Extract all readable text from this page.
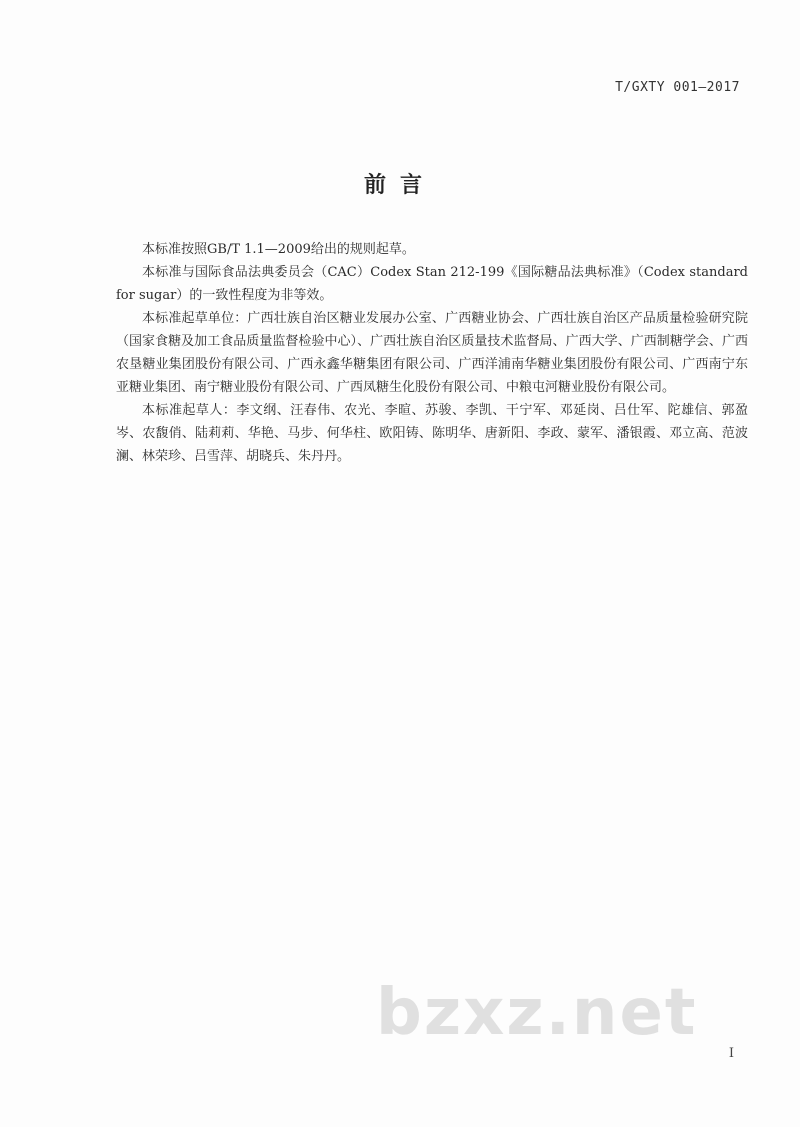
T/GXTY 001—2017
前言

本标准按照GB/T 1.1—2009给出的规则起草。

本标准与国际食品法典委员会（CAC）Codex Stan 212-199《国际糖品法典标准》（Codex standard for sugar）的一致性程度为非等效。

本标准起草单位：广西壮族自治区糖业发展办公室、广西糖业协会、广西壮族自治区产品质量检验研究院（国家食糖及加工食品质量监督检验中心）、广西壮族自治区质量技术监督局、广西大学、广西制糖学会、广西农垦糖业集团股份有限公司、广西永鑫华糖集团有限公司、广西洋浦南华糖业集团股份有限公司、广西南宁东亚糖业集团、南宁糖业股份有限公司、广西凤糖生化股份有限公司、中粮屯河糖业股份有限公司。

本标准起草人：李文纲、汪春伟、农光、李暄、苏骏、李凯、干宁军、邓延岗、吕仕军、陀雄信、郭盈岑、农馥俏、陆莉莉、华艳、马步、何华柱、欧阳铸、陈明华、唐新阳、李政、蒙军、潘银霞、邓立高、范波澜、林荣珍、吕雪萍、胡晓兵、朱丹丹。

bzxz.net
I
